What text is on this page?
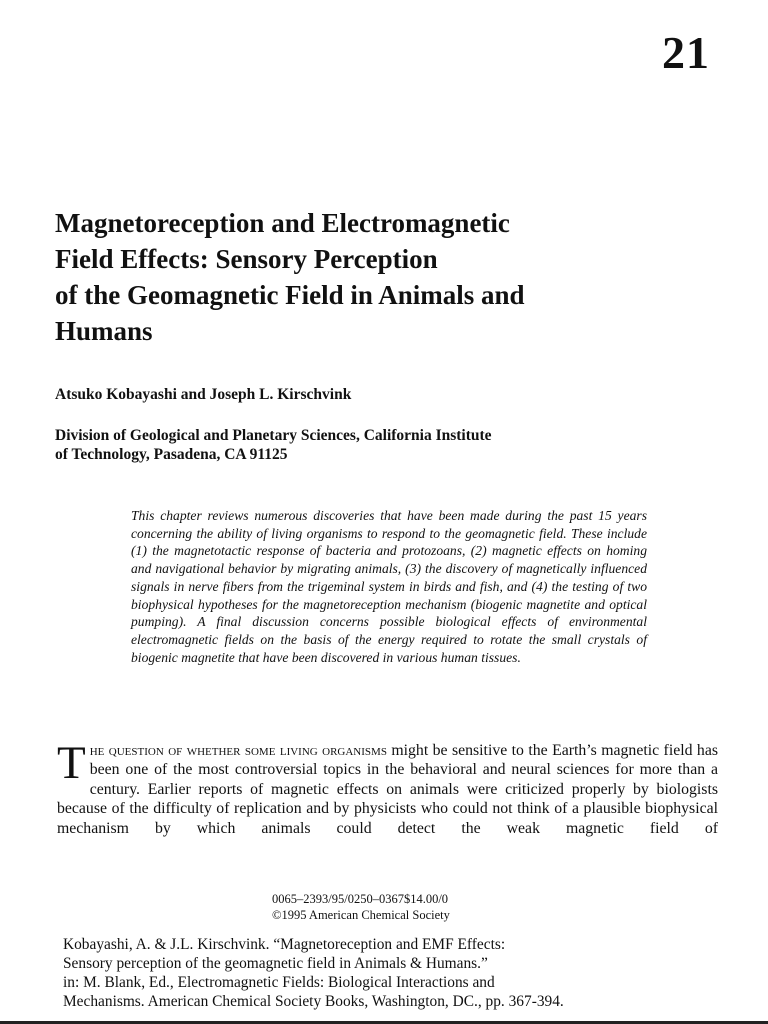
21
Magnetoreception and Electromagnetic
Field Effects: Sensory Perception
of the Geomagnetic Field in Animals and
Humans

Atsuko Kobayashi and Joseph L. Kirschvink

Division of Geological and Planetary Sciences, California Institute
of Technology, Pasadena, CA 91125

This chapter reviews numerous discoveries that have been made during the past 15 years concerning the ability of living organisms to respond to the geomagnetic field. These include (1) the magnetotactic response of bacteria and protozoans, (2) magnetic effects on homing and navigational behavior by migrating animals, (3) the discovery of magnetically influenced signals in nerve fibers from the trigeminal system in birds and fish, and (4) the testing of two biophysical hypotheses for the magnetoreception mechanism (biogenic magnetite and optical pumping). A final discussion concerns possible biological effects of environmental electromagnetic fields on the basis of the energy required to rotate the small crystals of biogenic magnetite that have been discovered in various human tissues.

The question of whether some living organisms might be sensitive to the Earth’s magnetic field has been one of the most controversial topics in the behavioral and neural sciences for more than a century. Earlier reports of magnetic effects on animals were criticized properly by biologists because of the difficulty of replication and by physicists who could not think of a plausible biophysical mechanism by which animals could detect the weak magnetic field of

0065–2393/95/0250–0367$14.00/0
©1995 American Chemical Society

Kobayashi, A. & J.L. Kirschvink. “Magnetoreception and EMF Effects:
Sensory perception of the geomagnetic field in Animals & Humans.”
in: M. Blank, Ed., Electromagnetic Fields: Biological Interactions and
Mechanisms. American Chemical Society Books, Washington, DC., pp. 367-394.
